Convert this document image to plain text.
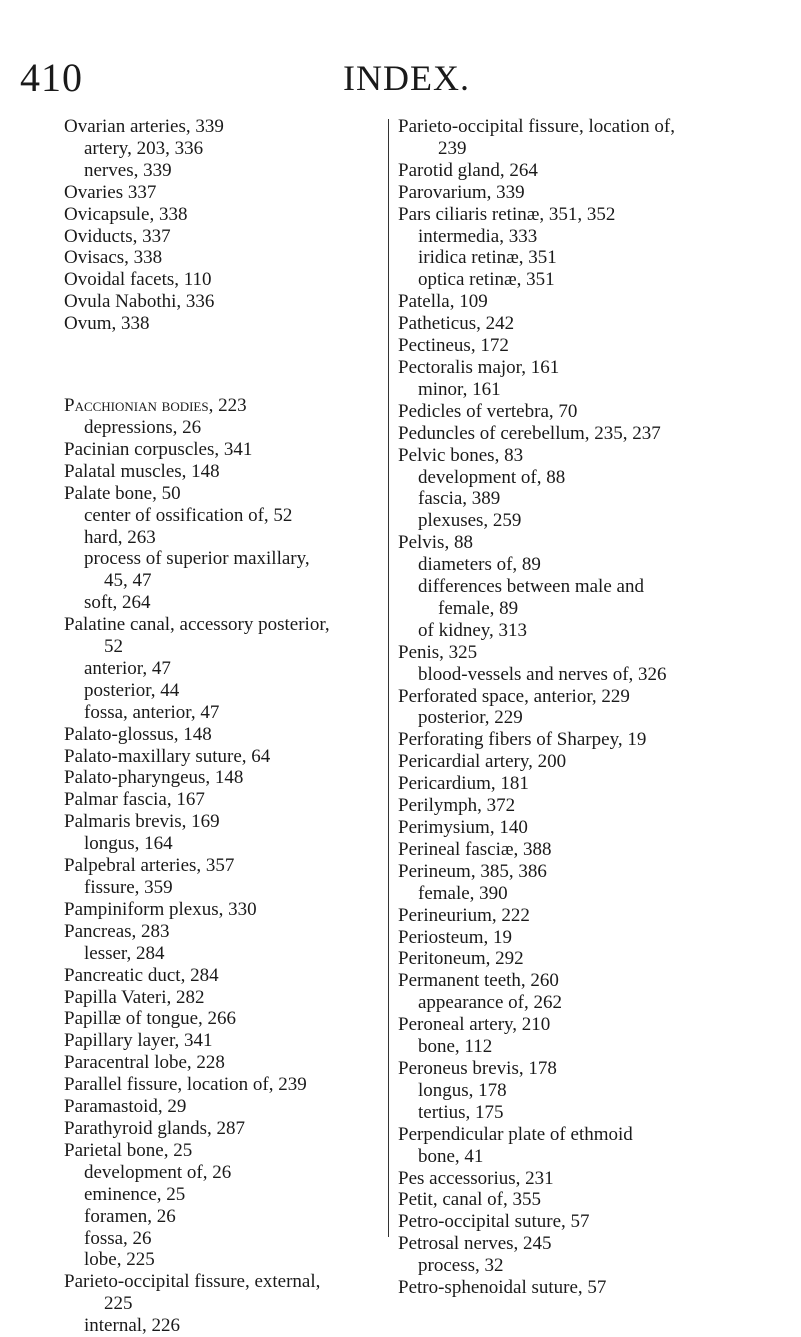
410	INDEX.

Ovarian arteries, 339

artery, 203, 336

nerves, 339

Ovaries 337

Ovicapsule, 338

Oviducts, 337

Ovisacs, 338

Ovoidal facets, 110

Ovula Nabothi, 336

Ovum, 338

Pacchionian bodies, 223

depressions, 26

Pacinian corpuscles, 341

Palatal muscles, 148

Palate bone, 50

center of ossification of, 52

hard, 263

process of superior maxillary,

45, 47

soft, 264

Palatine canal, accessory posterior,

52

anterior, 47

posterior, 44

fossa, anterior, 47

Palato-glossus, 148

Palato-maxillary suture, 64

Palato-pharyngeus, 148

Palmar fascia, 167

Palmaris brevis, 169

longus, 164

Palpebral arteries, 357

fissure, 359

Pampiniform plexus, 330

Pancreas, 283

lesser, 284

Pancreatic duct, 284

Papilla Vateri, 282

Papillæ of tongue, 266

Papillary layer, 341

Paracentral lobe, 228

Parallel fissure, location of, 239

Paramastoid, 29

Parathyroid glands, 287

Parietal bone, 25

development of, 26

eminence, 25

foramen, 26

fossa, 26

lobe, 225

Parieto-occipital fissure, external,

225

internal, 226

Parieto-occipital fissure, location of,

239

Parotid gland, 264

Parovarium, 339

Pars ciliaris retinæ, 351, 352

intermedia, 333

iridica retinæ, 351

optica retinæ, 351

Patella, 109

Patheticus, 242

Pectineus, 172

Pectoralis major, 161

minor, 161

Pedicles of vertebra, 70

Peduncles of cerebellum, 235, 237

Pelvic bones, 83

development of, 88

fascia, 389

plexuses, 259

Pelvis, 88

diameters of, 89

differences between male and

female, 89

of kidney, 313

Penis, 325

blood-vessels and nerves of, 326

Perforated space, anterior, 229

posterior, 229

Perforating fibers of Sharpey, 19

Pericardial artery, 200

Pericardium, 181

Perilymph, 372

Perimysium, 140

Perineal fasciæ, 388

Perineum, 385, 386

female, 390

Perineurium, 222

Periosteum, 19

Peritoneum, 292

Permanent teeth, 260

appearance of, 262

Peroneal artery, 210

bone, 112

Peroneus brevis, 178

longus, 178

tertius, 175

Perpendicular plate of ethmoid

bone, 41

Pes accessorius, 231

Petit, canal of, 355

Petro-occipital suture, 57

Petrosal nerves, 245

process, 32

Petro-sphenoidal suture, 57
